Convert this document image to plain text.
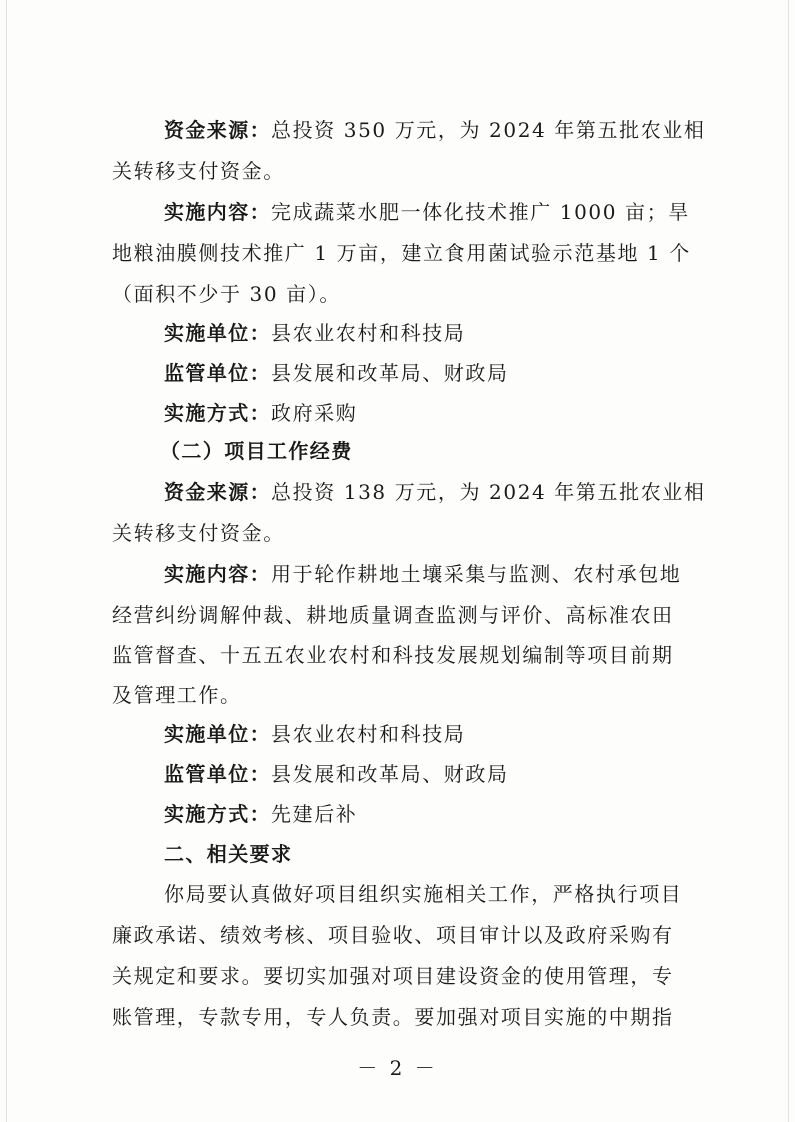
资金来源：总投资 350 万元，为 2024 年第五批农业相
关转移支付资金。
实施内容：完成蔬菜水肥一体化技术推广 1000 亩；旱
地粮油膜侧技术推广 1 万亩，建立食用菌试验示范基地 1 个
（面积不少于 30 亩）。
实施单位：县农业农村和科技局
监管单位：县发展和改革局、财政局
实施方式：政府采购
（二）项目工作经费
资金来源：总投资 138 万元，为 2024 年第五批农业相
关转移支付资金。
实施内容：用于轮作耕地土壤采集与监测、农村承包地
经营纠纷调解仲裁、耕地质量调查监测与评价、高标准农田
监管督查、十五五农业农村和科技发展规划编制等项目前期
及管理工作。
实施单位：县农业农村和科技局
监管单位：县发展和改革局、财政局
实施方式：先建后补
二、相关要求
你局要认真做好项目组织实施相关工作，严格执行项目
廉政承诺、绩效考核、项目验收、项目审计以及政府采购有
关规定和要求。要切实加强对项目建设资金的使用管理，专
账管理，专款专用，专人负责。要加强对项目实施的中期指
－ 2 －
